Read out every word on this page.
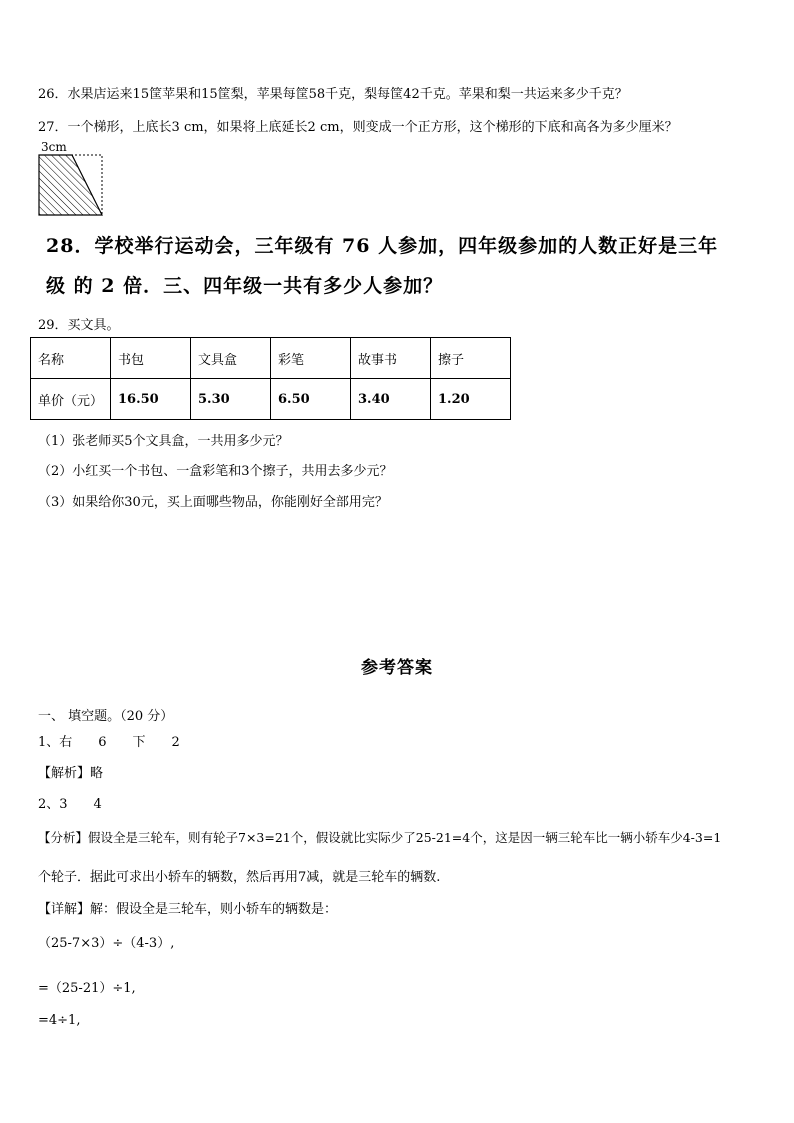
26．水果店运来15筐苹果和15筐梨，苹果每筐58千克，梨每筐42千克。苹果和梨一共运来多少千克？
27．一个梯形，上底长3 cm，如果将上底延长2 cm，则变成一个正方形，这个梯形的下底和高各为多少厘米？
3cm
28．学校举行运动会，三年级有 76 人参加，四年级参加的人数正好是三年
级 的 2 倍．三、四年级一共有多少人参加？
29．买文具。
名称	书包	文具盒	彩笔	故事书	擦子
单价（元）	16.50	5.30	6.50	3.40	1.20
（1）张老师买5个文具盒，一共用多少元？
（2）小红买一个书包、一盒彩笔和3个擦子，共用去多少元？
（3）如果给你30元，买上面哪些物品，你能刚好全部用完？
参考答案
一、 填空题。（20 分）
1、右　　6　　下　　2
【解析】略
2、3　　4
【分析】假设全是三轮车，则有轮子7×3=21个，假设就比实际少了25-21=4个，这是因一辆三轮车比一辆小轿车少4-3=1
个轮子．据此可求出小轿车的辆数，然后再用7减，就是三轮车的辆数.
【详解】解：假设全是三轮车，则小轿车的辆数是：
（25-7×3）÷（4-3）,
=（25-21）÷1,
=4÷1,
